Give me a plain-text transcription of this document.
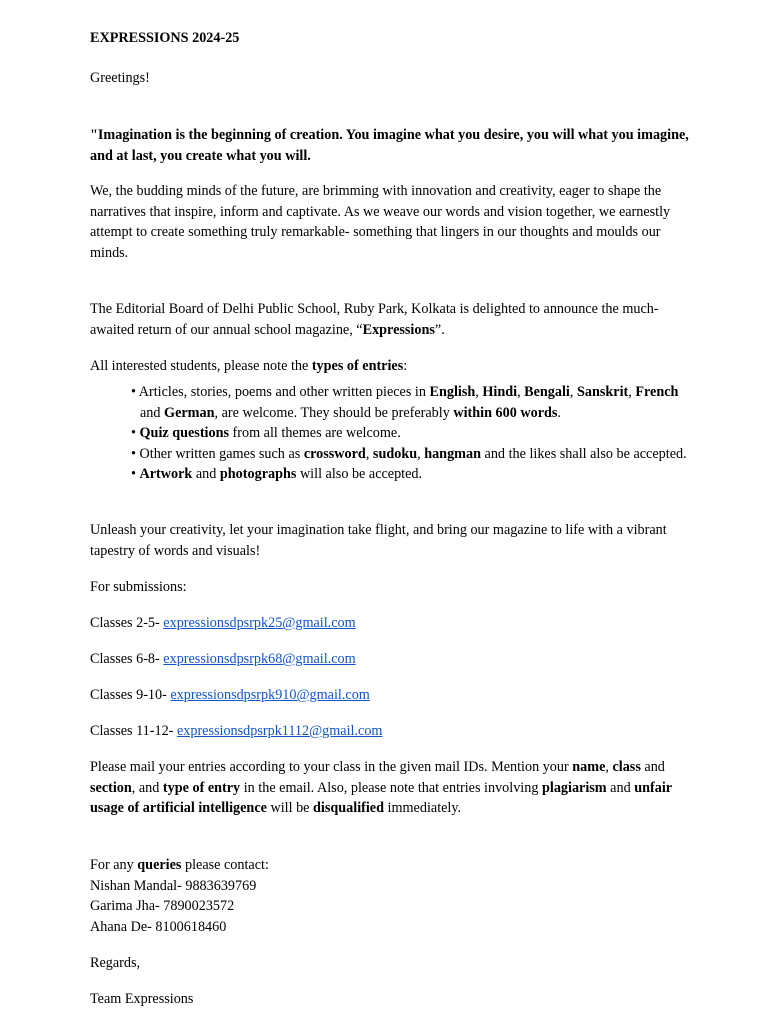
EXPRESSIONS 2024-25

Greetings!

"Imagination is the beginning of creation. You imagine what you desire, you will what you imagine, and at last, you create what you will.

We, the budding minds of the future, are brimming with innovation and creativity, eager to shape the narratives that inspire, inform and captivate. As we weave our words and vision together, we earnestly attempt to create something truly remarkable- something that lingers in our thoughts and moulds our minds.

The Editorial Board of Delhi Public School, Ruby Park, Kolkata is delighted to announce the much-awaited return of our annual school magazine, “Expressions”.

All interested students, please note the types of entries:

• Articles, stories, poems and other written pieces in English, Hindi, Bengali, Sanskrit, French and German, are welcome. They should be preferably within 600 words.
• Quiz questions from all themes are welcome.
• Other written games such as crossword, sudoku, hangman and the likes shall also be accepted.
• Artwork and photographs will also be accepted.

Unleash your creativity, let your imagination take flight, and bring our magazine to life with a vibrant tapestry of words and visuals!

For submissions:

Classes 2-5- expressionsdpsrpk25@gmail.com

Classes 6-8- expressionsdpsrpk68@gmail.com

Classes 9-10- expressionsdpsrpk910@gmail.com

Classes 11-12- expressionsdpsrpk1112@gmail.com

Please mail your entries according to your class in the given mail IDs. Mention your name, class and section, and type of entry in the email. Also, please note that entries involving plagiarism and unfair usage of artificial intelligence will be disqualified immediately.

For any queries please contact:
Nishan Mandal- 9883639769
Garima Jha- 7890023572
Ahana De- 8100618460

Regards,

Team Expressions
